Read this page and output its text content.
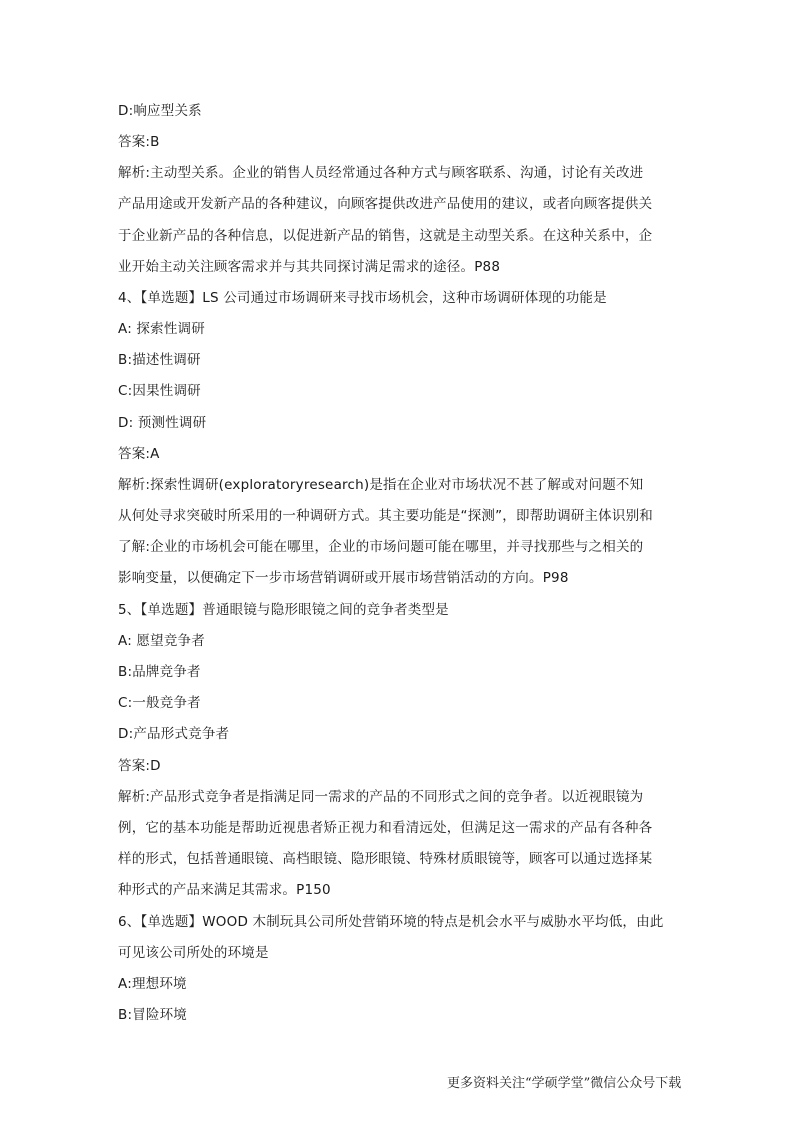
D:响应型关系
答案:B
解析:主动型关系。企业的销售人员经常通过各种方式与顾客联系、沟通，讨论有关改进
产品用途或开发新产品的各种建议，向顾客提供改进产品使用的建议，或者向顾客提供关
于企业新产品的各种信息，以促进新产品的销售，这就是主动型关系。在这种关系中，企
业开始主动关注顾客需求并与其共同探讨满足需求的途径。P88
4、【单选题】LS 公司通过市场调研来寻找市场机会，这种市场调研体现的功能是
A: 探索性调研
B:描述性调研
C:因果性调研
D: 预测性调研
答案:A
解析:探索性调研(exploratoryresearch)是指在企业对市场状况不甚了解或对问题不知
从何处寻求突破时所采用的一种调研方式。其主要功能是“探测”，即帮助调研主体识别和
了解:企业的市场机会可能在哪里，企业的市场问题可能在哪里，并寻找那些与之相关的
影响变量，以便确定下一步市场营销调研或开展市场营销活动的方向。P98
5、【单选题】普通眼镜与隐形眼镜之间的竞争者类型是
A: 愿望竞争者
B:品牌竞争者
C:一般竞争者
D:产品形式竞争者
答案:D
解析:产品形式竞争者是指满足同一需求的产品的不同形式之间的竞争者。以近视眼镜为
例，它的基本功能是帮助近视患者矫正视力和看清远处，但满足这一需求的产品有各种各
样的形式，包括普通眼镜、高档眼镜、隐形眼镜、特殊材质眼镜等，顾客可以通过选择某
种形式的产品来满足其需求。P150
6、【单选题】WOOD 木制玩具公司所处营销环境的特点是机会水平与威胁水平均低，由此
可见该公司所处的环境是
A:理想环境
B:冒险环境
更多资料关注“学硕学堂”微信公众号下载
